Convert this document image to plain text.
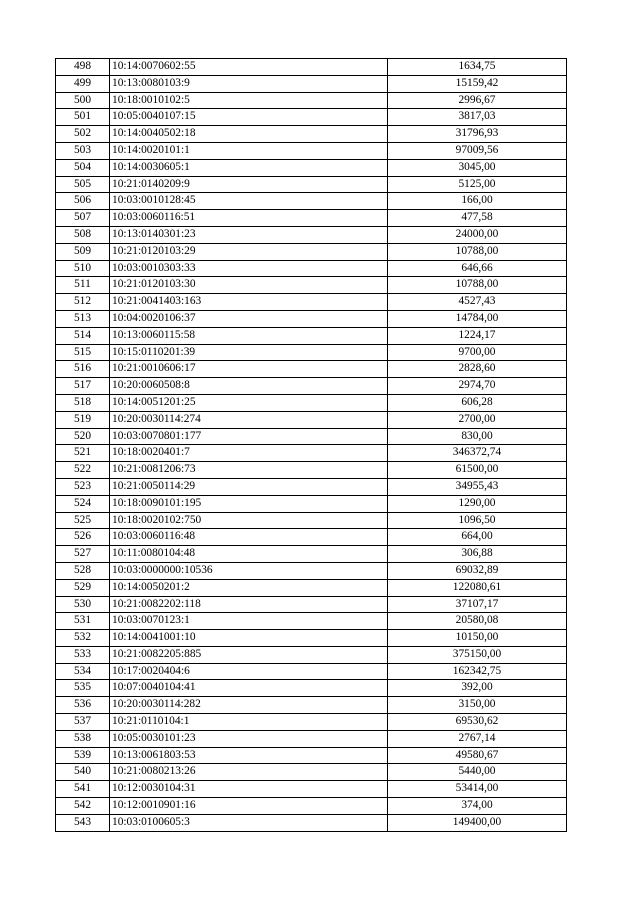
498	10:14:0070602:55	1634,75
499	10:13:0080103:9	15159,42
500	10:18:0010102:5	2996,67
501	10:05:0040107:15	3817,03
502	10:14:0040502:18	31796,93
503	10:14:0020101:1	97009,56
504	10:14:0030605:1	3045,00
505	10:21:0140209:9	5125,00
506	10:03:0010128:45	166,00
507	10:03:0060116:51	477,58
508	10:13:0140301:23	24000,00
509	10:21:0120103:29	10788,00
510	10:03:0010303:33	646,66
511	10:21:0120103:30	10788,00
512	10:21:0041403:163	4527,43
513	10:04:0020106:37	14784,00
514	10:13:0060115:58	1224,17
515	10:15:0110201:39	9700,00
516	10:21:0010606:17	2828,60
517	10:20:0060508:8	2974,70
518	10:14:0051201:25	606,28
519	10:20:0030114:274	2700,00
520	10:03:0070801:177	830,00
521	10:18:0020401:7	346372,74
522	10:21:0081206:73	61500,00
523	10:21:0050114:29	34955,43
524	10:18:0090101:195	1290,00
525	10:18:0020102:750	1096,50
526	10:03:0060116:48	664,00
527	10:11:0080104:48	306,88
528	10:03:0000000:10536	69032,89
529	10:14:0050201:2	122080,61
530	10:21:0082202:118	37107,17
531	10:03:0070123:1	20580,08
532	10:14:0041001:10	10150,00
533	10:21:0082205:885	375150,00
534	10:17:0020404:6	162342,75
535	10:07:0040104:41	392,00
536	10:20:0030114:282	3150,00
537	10:21:0110104:1	69530,62
538	10:05:0030101:23	2767,14
539	10:13:0061803:53	49580,67
540	10:21:0080213:26	5440,00
541	10:12:0030104:31	53414,00
542	10:12:0010901:16	374,00
543	10:03:0100605:3	149400,00
